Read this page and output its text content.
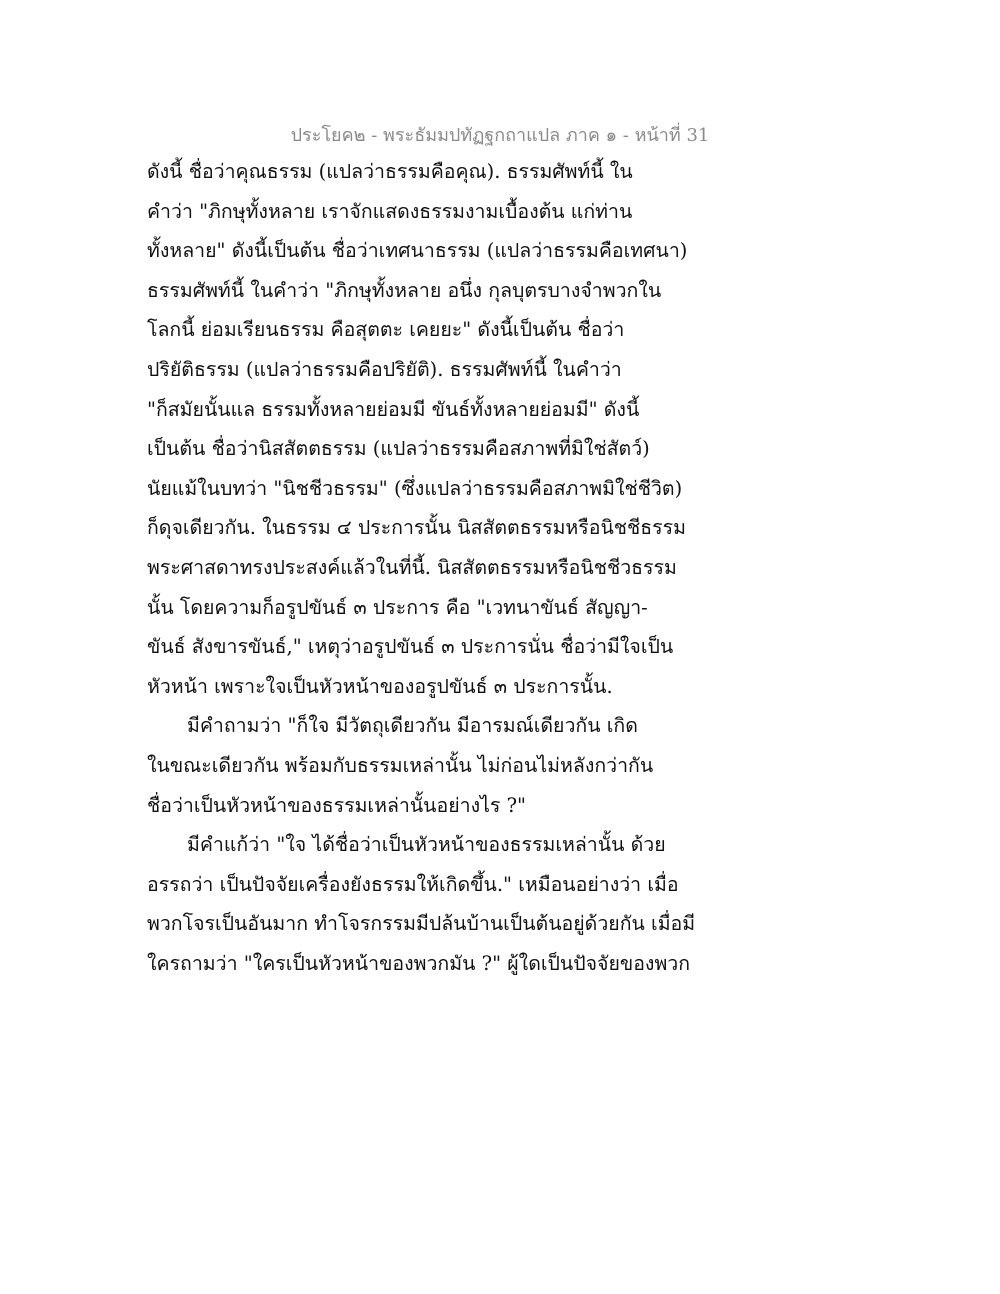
ประโยค๒ - พระธัมมปทัฏฐกถาแปล ภาค ๑ - หน้าที่ 31
ดังนี้ ชื่อว่าคุณธรรม (แปลว่าธรรมคือคุณ). ธรรมศัพท์นี้ ใน
คำว่า "ภิกษุทั้งหลาย เราจักแสดงธรรมงามเบื้องต้น แก่ท่าน
ทั้งหลาย" ดังนี้เป็นต้น ชื่อว่าเทศนาธรรม (แปลว่าธรรมคือเทศนา)
ธรรมศัพท์นี้ ในคำว่า "ภิกษุทั้งหลาย อนึ่ง กุลบุตรบางจำพวกใน
โลกนี้ ย่อมเรียนธรรม คือสุตตะ เคยยะ" ดังนี้เป็นต้น ชื่อว่า
ปริยัติธรรม (แปลว่าธรรมคือปริยัติ). ธรรมศัพท์นี้ ในคำว่า
"ก็สมัยนั้นแล ธรรมทั้งหลายย่อมมี ขันธ์ทั้งหลายย่อมมี" ดังนี้
เป็นต้น ชื่อว่านิสสัตตธรรม (แปลว่าธรรมคือสภาพที่มิใช่สัตว์)
นัยแม้ในบทว่า "นิชชีวธรรม" (ซึ่งแปลว่าธรรมคือสภาพมิใช่ชีวิต)
ก็ดุจเดียวกัน. ในธรรม ๔ ประการนั้น นิสสัตตธรรมหรือนิชชีธรรม
พระศาสดาทรงประสงค์แล้วในที่นี้. นิสสัตตธรรมหรือนิชชีวธรรม
นั้น โดยความก็อรูปขันธ์ ๓ ประการ คือ "เวทนาขันธ์ สัญญา-
ขันธ์ สังขารขันธ์," เหตุว่าอรูปขันธ์ ๓ ประการนั่น ชื่อว่ามีใจเป็น
หัวหน้า เพราะใจเป็นหัวหน้าของอรูปขันธ์ ๓ ประการนั้น.
มีคำถามว่า "ก็ใจ มีวัตถุเดียวกัน มีอารมณ์เดียวกัน เกิด
ในขณะเดียวกัน พร้อมกับธรรมเหล่านั้น ไม่ก่อนไม่หลังกว่ากัน
ชื่อว่าเป็นหัวหน้าของธรรมเหล่านั้นอย่างไร ?"
มีคำแก้ว่า "ใจ ได้ชื่อว่าเป็นหัวหน้าของธรรมเหล่านั้น ด้วย
อรรถว่า เป็นปัจจัยเครื่องยังธรรมให้เกิดขึ้น." เหมือนอย่างว่า เมื่อ
พวกโจรเป็นอันมาก ทำโจรกรรมมีปล้นบ้านเป็นต้นอยู่ด้วยกัน เมื่อมี
ใครถามว่า "ใครเป็นหัวหน้าของพวกมัน ?" ผู้ใดเป็นปัจจัยของพวก
